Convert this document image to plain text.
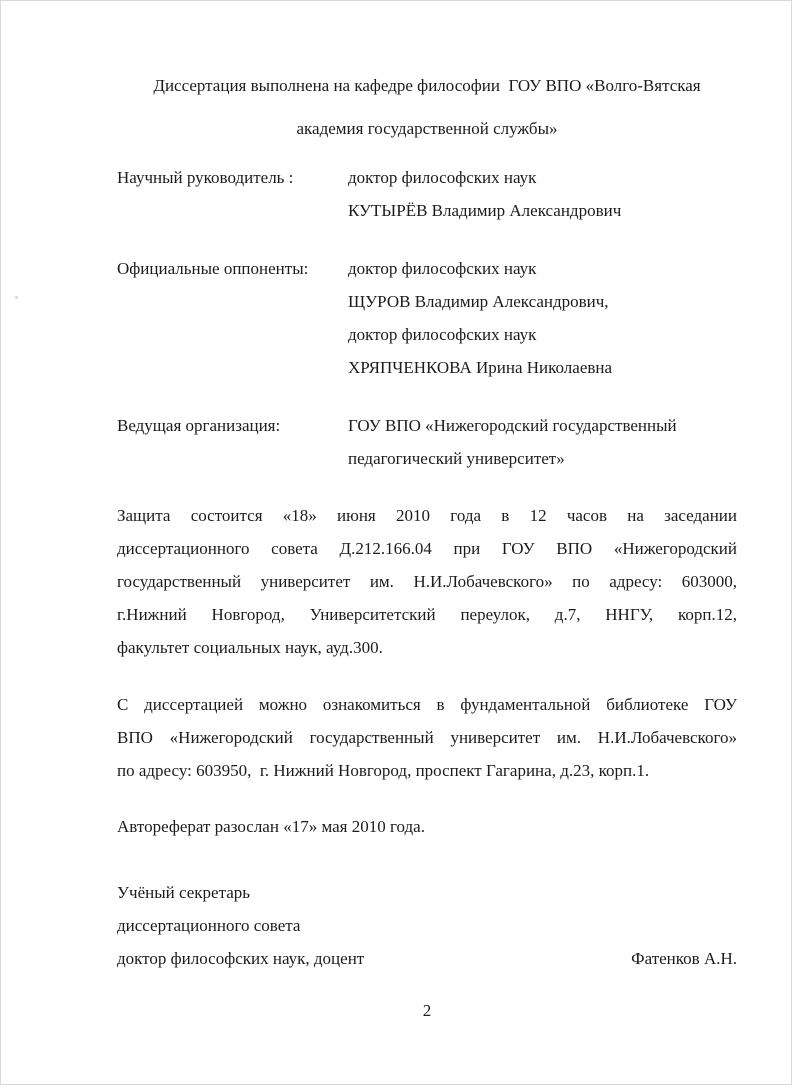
Диссертация выполнена на кафедре философии  ГОУ ВПО «Волго-Вятская
академия государственной службы»
Научный руководитель :	доктор философских наук
КУТЫРЁВ Владимир Александрович
Официальные оппоненты:	доктор философских наук
ЩУРОВ Владимир Александрович,
доктор философских наук
ХРЯПЧЕНКОВА Ирина Николаевна
Ведущая организация:	ГОУ ВПО «Нижегородский государственный
педагогический университет»
Защита состоится «18» июня 2010 года в 12 часов на заседании
диссертационного совета Д.212.166.04 при ГОУ ВПО «Нижегородский
государственный университет им. Н.И.Лобачевского» по адресу: 603000,
г.Нижний Новгород, Университетский переулок, д.7, ННГУ, корп.12,
факультет социальных наук, ауд.300.
С диссертацией можно ознакомиться в фундаментальной библиотеке ГОУ
ВПО «Нижегородский государственный университет им. Н.И.Лобачевского»
по адресу: 603950,  г. Нижний Новгород, проспект Гагарина, д.23, корп.1.
Автореферат разослан «17» мая 2010 года.
Учёный секретарь
диссертационного совета
доктор философских наук, доцент	Фатенков А.Н.
2
